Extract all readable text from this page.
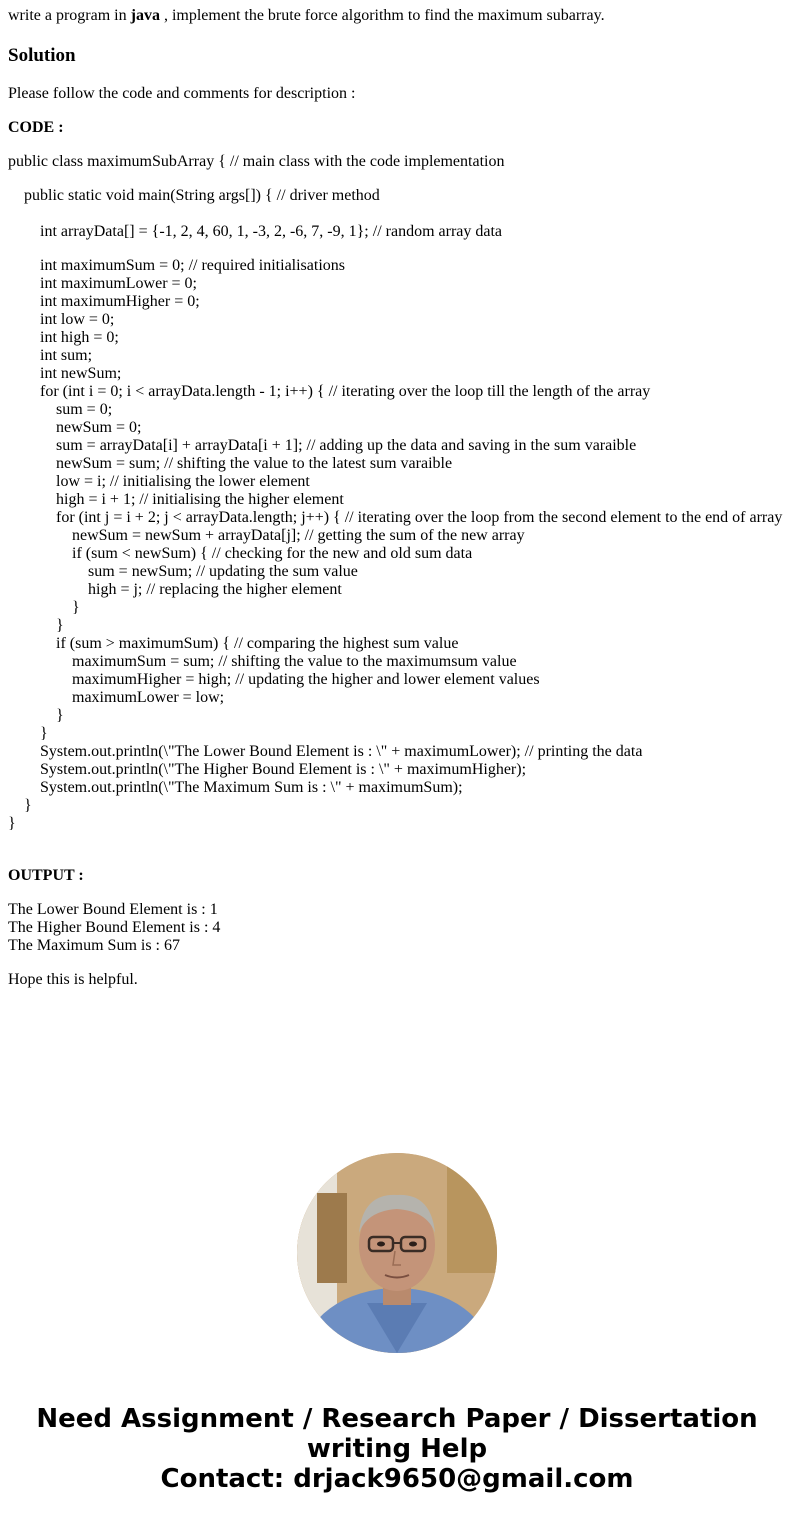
write a program in java , implement the brute force algorithm to find the maximum subarray.
Solution
Please follow the code and comments for description :
CODE :
public class maximumSubArray { // main class with the code implementation
public static void main(String args[]) { // driver method
int arrayData[] = {-1, 2, 4, 60, 1, -3, 2, -6, 7, -9, 1}; // random array data
int maximumSum = 0; // required initialisations
int maximumLower = 0;
int maximumHigher = 0;
int low = 0;
int high = 0;
int sum;
int newSum;
for (int i = 0; i < arrayData.length - 1; i++) { // iterating over the loop till the length of the array
sum = 0;
newSum = 0;
sum = arrayData[i] + arrayData[i + 1]; // adding up the data and saving in the sum varaible
newSum = sum; // shifting the value to the latest sum varaible
low = i; // initialising the lower element
high = i + 1; // initialising the higher element
for (int j = i + 2; j < arrayData.length; j++) { // iterating over the loop from the second element to the end of array
newSum = newSum + arrayData[j]; // getting the sum of the new array
if (sum < newSum) { // checking for the new and old sum data
sum = newSum; // updating the sum value
high = j; // replacing the higher element
}
}
if (sum > maximumSum) { // comparing the highest sum value
maximumSum = sum; // shifting the value to the maximumsum value
maximumHigher = high; // updating the higher and lower element values
maximumLower = low;
}
}
System.out.println(\"The Lower Bound Element is : \" + maximumLower); // printing the data
System.out.println(\"The Higher Bound Element is : \" + maximumHigher);
System.out.println(\"The Maximum Sum is : \" + maximumSum);
}
}
OUTPUT :
The Lower Bound Element is : 1
The Higher Bound Element is : 4
The Maximum Sum is : 67
Hope this is helpful.
Need Assignment / Research Paper / Dissertation
writing Help
Contact: drjack9650@gmail.com
